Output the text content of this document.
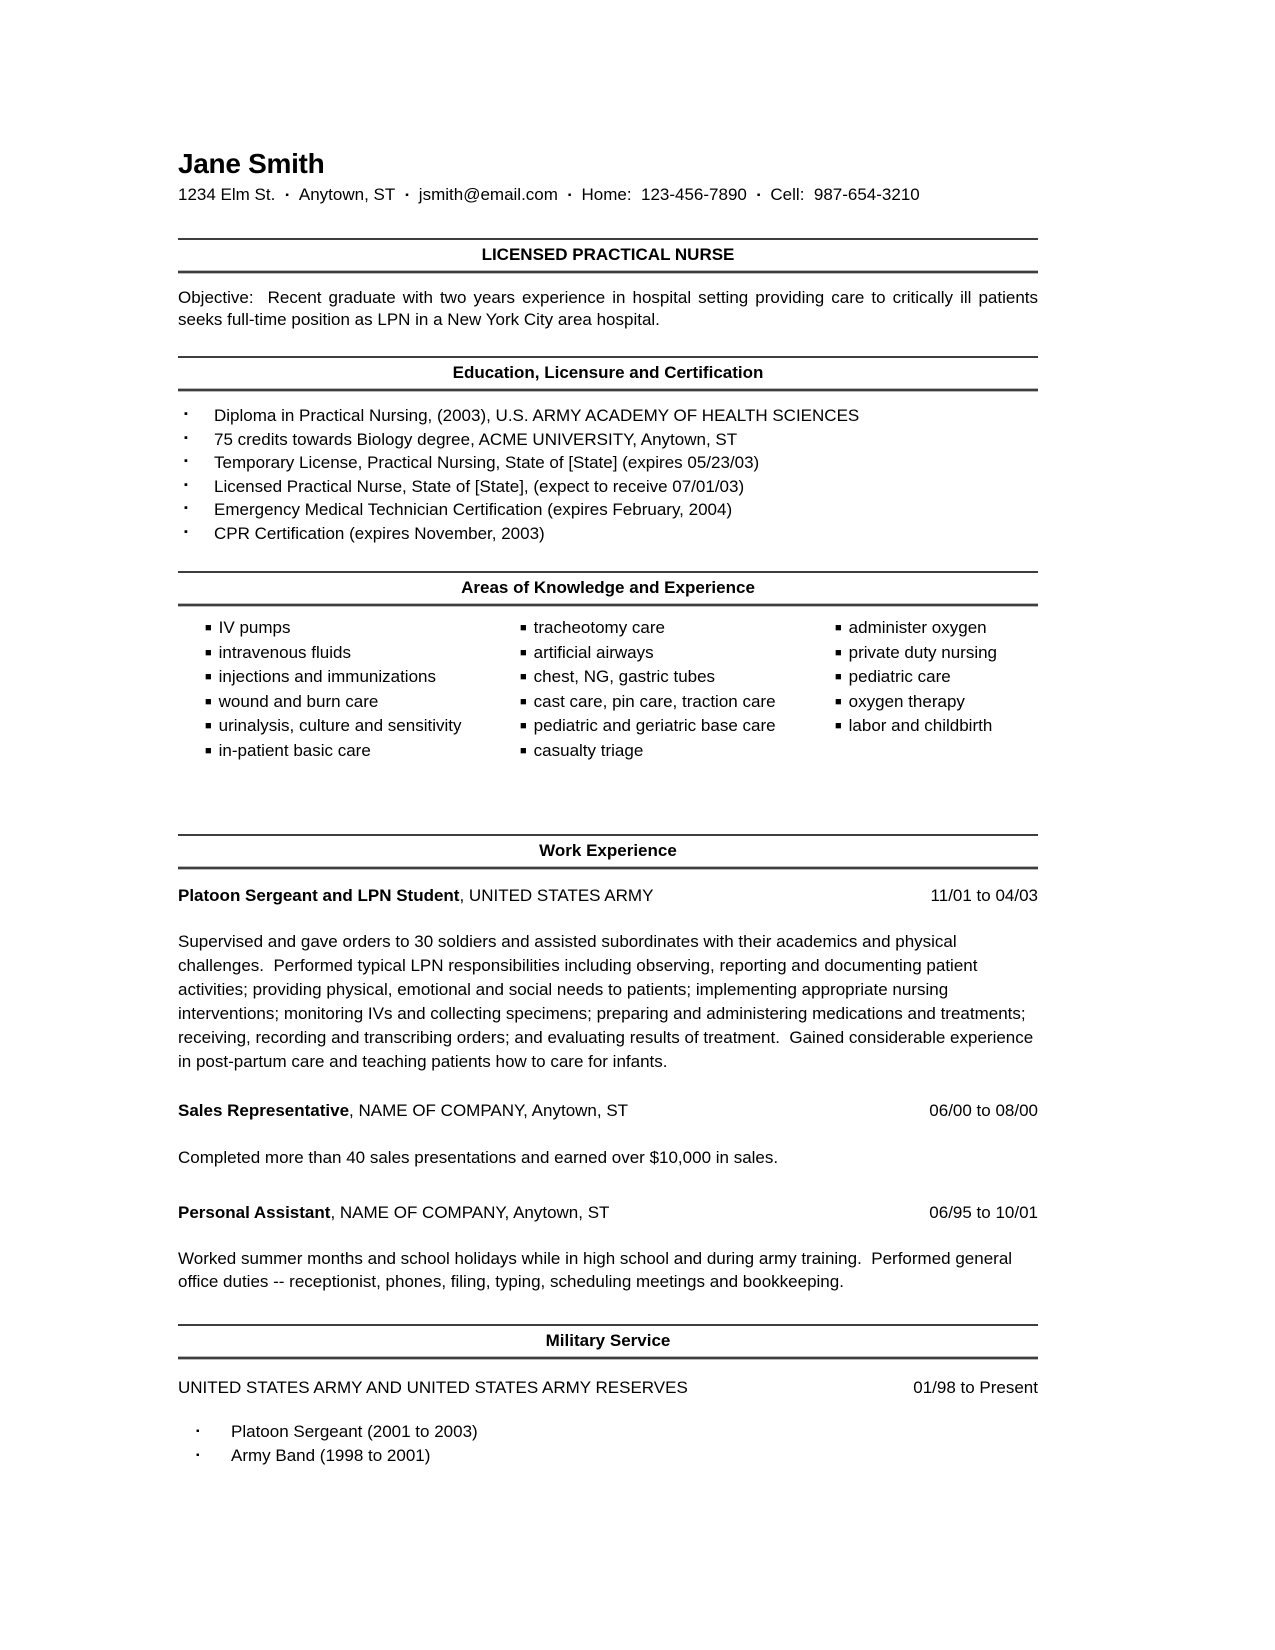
Jane Smith
1234 Elm St. ▪ Anytown, ST ▪ jsmith@email.com ▪ Home:  123-456-7890 ▪ Cell:  987-654-3210
LICENSED PRACTICAL NURSE
Objective:  Recent graduate with two years experience in hospital setting providing care to critically ill patients seeks full-time position as LPN in a New York City area hospital.
Education, Licensure and Certification
▪ Diploma in Practical Nursing, (2003), U.S. ARMY ACADEMY OF HEALTH SCIENCES
▪ 75 credits towards Biology degree, ACME UNIVERSITY, Anytown, ST
▪ Temporary License, Practical Nursing, State of [State] (expires 05/23/03)
▪ Licensed Practical Nurse, State of [State], (expect to receive 07/01/03)
▪ Emergency Medical Technician Certification (expires February, 2004)
▪ CPR Certification (expires November, 2003)
Areas of Knowledge and Experience
■ IV pumps
■ intravenous fluids
■ injections and immunizations
■ wound and burn care
■ urinalysis, culture and sensitivity
■ in-patient basic care
■ tracheotomy care
■ artificial airways
■ chest, NG, gastric tubes
■ cast care, pin care, traction care
■ pediatric and geriatric base care
■ casualty triage
■ administer oxygen
■ private duty nursing
■ pediatric care
■ oxygen therapy
■ labor and childbirth
Work Experience
Platoon Sergeant and LPN Student, UNITED STATES ARMY	11/01 to 04/03
Supervised and gave orders to 30 soldiers and assisted subordinates with their academics and physical challenges.  Performed typical LPN responsibilities including observing, reporting and documenting patient activities; providing physical, emotional and social needs to patients; implementing appropriate nursing interventions; monitoring IVs and collecting specimens; preparing and administering medications and treatments; receiving, recording and transcribing orders; and evaluating results of treatment.  Gained considerable experience in post-partum care and teaching patients how to care for infants.
Sales Representative, NAME OF COMPANY, Anytown, ST	06/00 to 08/00
Completed more than 40 sales presentations and earned over $10,000 in sales.
Personal Assistant, NAME OF COMPANY, Anytown, ST	06/95 to 10/01
Worked summer months and school holidays while in high school and during army training.  Performed general office duties -- receptionist, phones, filing, typing, scheduling meetings and bookkeeping.
Military Service
UNITED STATES ARMY AND UNITED STATES ARMY RESERVES	01/98 to Present
▪ Platoon Sergeant (2001 to 2003)
▪ Army Band (1998 to 2001)
